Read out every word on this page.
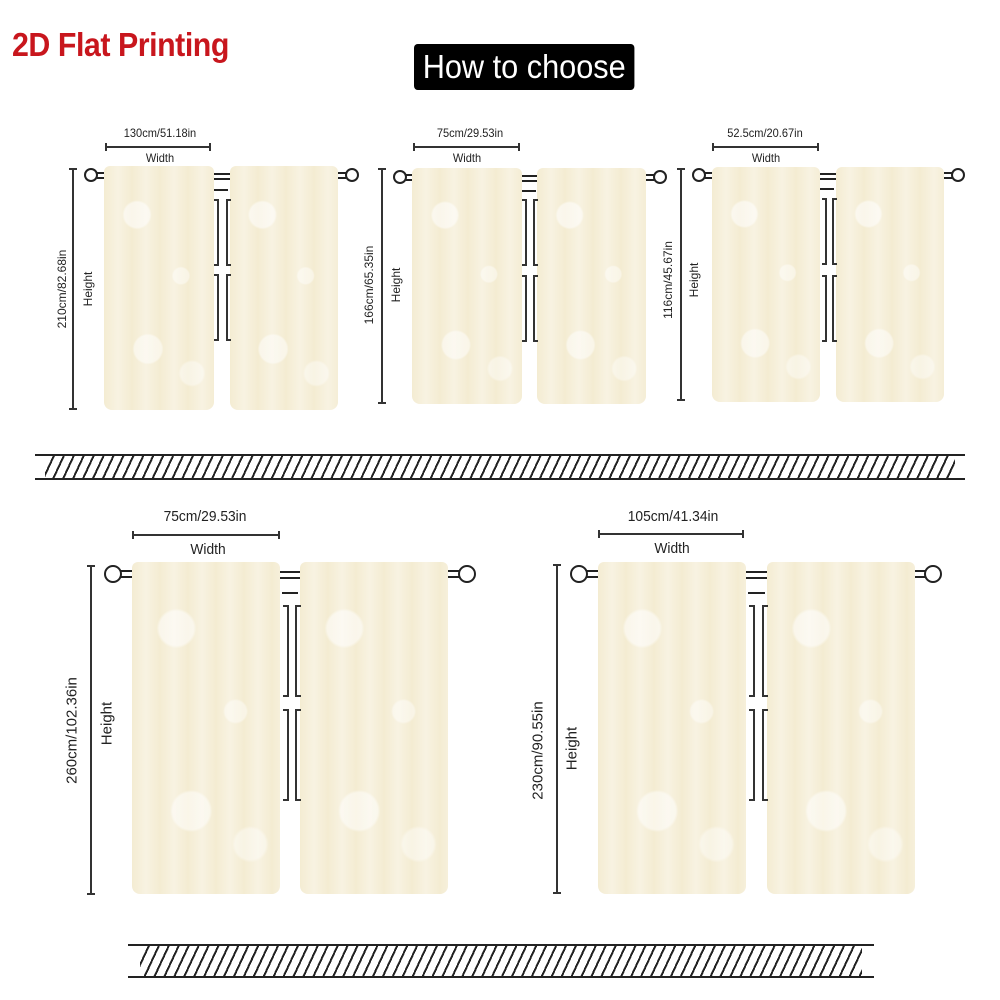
2D Flat Printing
How to choose
130cm/51.18in
Width
210cm/82.68in Height
75cm/29.53in
Width
166cm/65.35in Height
52.5cm/20.67in
Width
116cm/45.67in Height
75cm/29.53in
Width
260cm/102.36in Height
105cm/41.34in
Width
230cm/90.55in Height
